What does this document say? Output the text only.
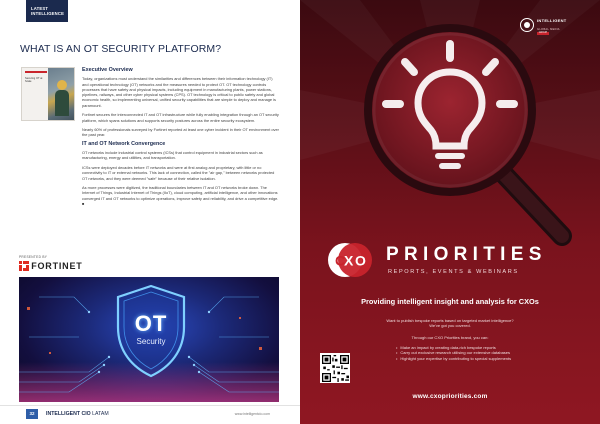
LATEST
INTELLIGENCE
WHAT IS AN OT SECURITY PLATFORM?
Securing OT at Scale
Executive Overview

Today, organizations must understand the similarities and differences between their information technology (IT) and operational technology (OT) networks and the measures needed to protect OT. OT technology controls processes that have safety and physical impacts, including equipment in manufacturing plants, power stations, pipelines, railways, and other cyber physical systems (CPS). OT technology is critical to public safety and global economic health, so implementing universal, unified security capabilities that are simple to deploy and manage is paramount.

Fortinet secures the interconnected IT and OT infrastructure while fully enabling integration through an OT security platform, which spans solutions and supports security postures across the entire security ecosystem.

Nearly 60% of professionals surveyed by Fortinet reported at least one cyber incident in their OT environment over the past year.

IT and OT Network Convergence

OT networks include industrial control systems (ICSs) that control equipment in industrial sectors such as manufacturing, energy and utilities, and transportation.

ICSs were deployed decades before IT networks and were at first analog and proprietary, with little or no connectivity to IT or external networks. This lack of connection, called the "air gap," between networks protected OT networks, and they were deemed "safe" because of their relative isolation.

As more processes were digitized, the traditional boundaries between IT and OT networks broke down. The Internet of Things, Industrial Internet of Things (IIoT), cloud computing, artificial intelligence, and other innovations converged IT and OT networks to optimize operations, improve safety and reliability, and drive a competitive edge. ■

PRESENTED BY
FORTINET
OT
Security
32	INTELLIGENT CIO LATAM	www.intelligentcio.com
INTELLIGENT
GLOBAL MEDIA
GROUP
C
X O PRIORITIES
REPORTS, EVENTS & WEBINARS
Providing intelligent insight and analysis for CXOs
Want to publish bespoke reports based on targeted market intelligence? We've got you covered.
Through our CXO Priorities brand, you can:
• Make an impact by creating data-rich bespoke reports
• Carry out exclusive research utilising our extensive databases
• Highlight your expertise by contributing to special supplements
www.cxopriorities.com
